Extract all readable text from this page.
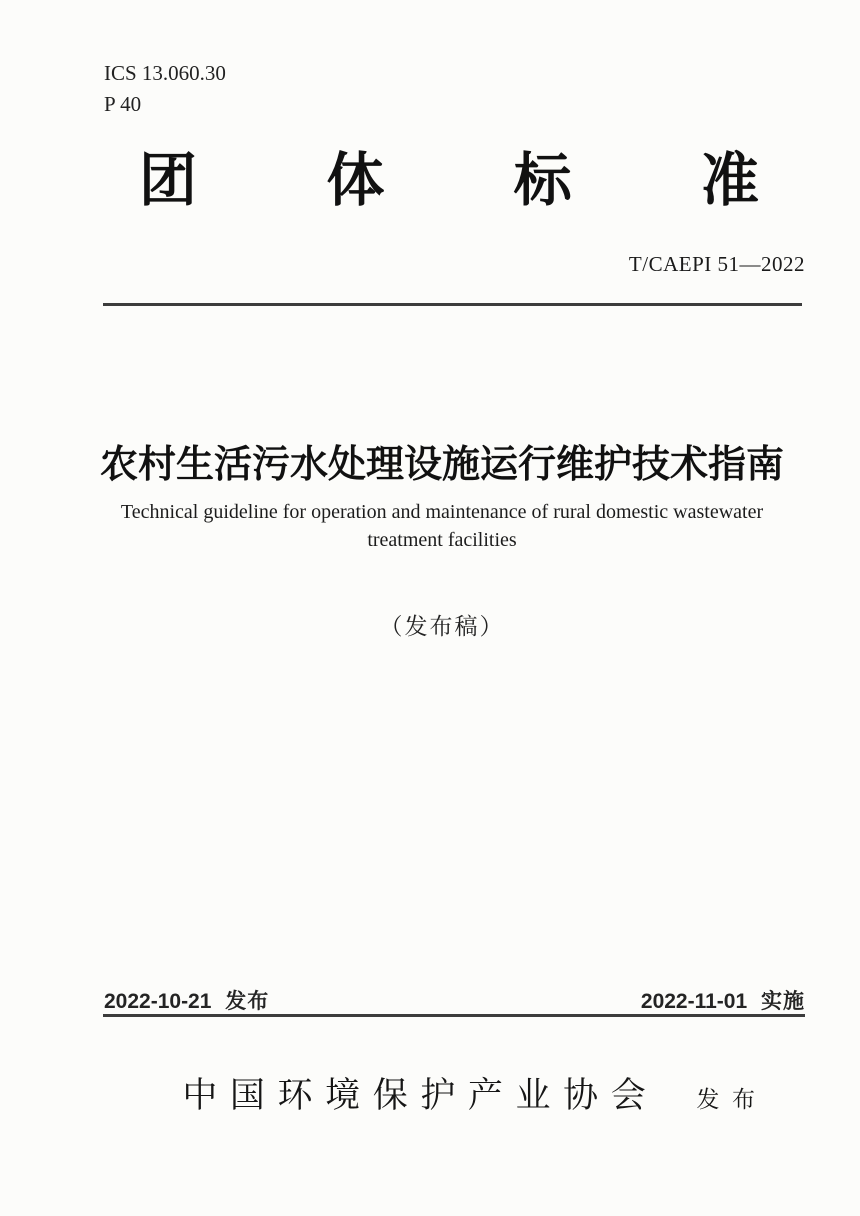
ICS 13.060.30
P 40
团 体 标 准
T/CAEPI 51—2022
农村生活污水处理设施运行维护技术指南
Technical guideline for operation and maintenance of rural domestic wastewater
treatment facilities
（发布稿）
2022-10-21 发布	2022-11-01 实施
中国环境保护产业协会 发布
